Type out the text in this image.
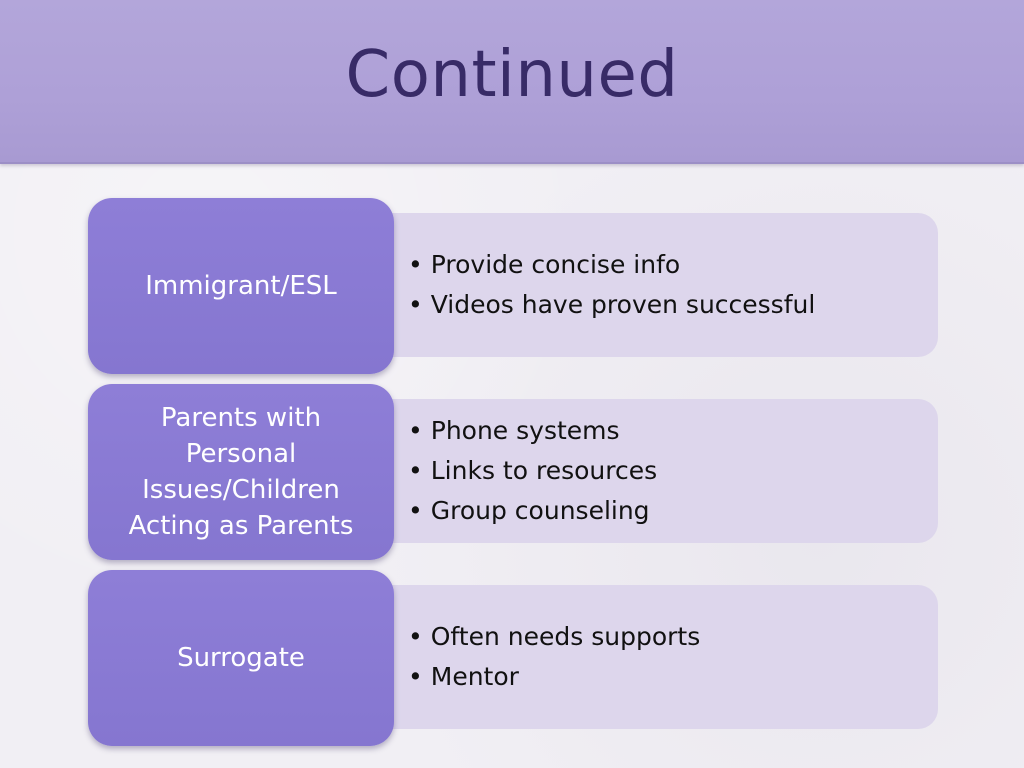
Continued
• Provide concise info
• Videos have proven successful
Immigrant/ESL
• Phone systems
• Links to resources
• Group counseling
Parents with Personal Issues/Children Acting as Parents
• Often needs supports
• Mentor
Surrogate
